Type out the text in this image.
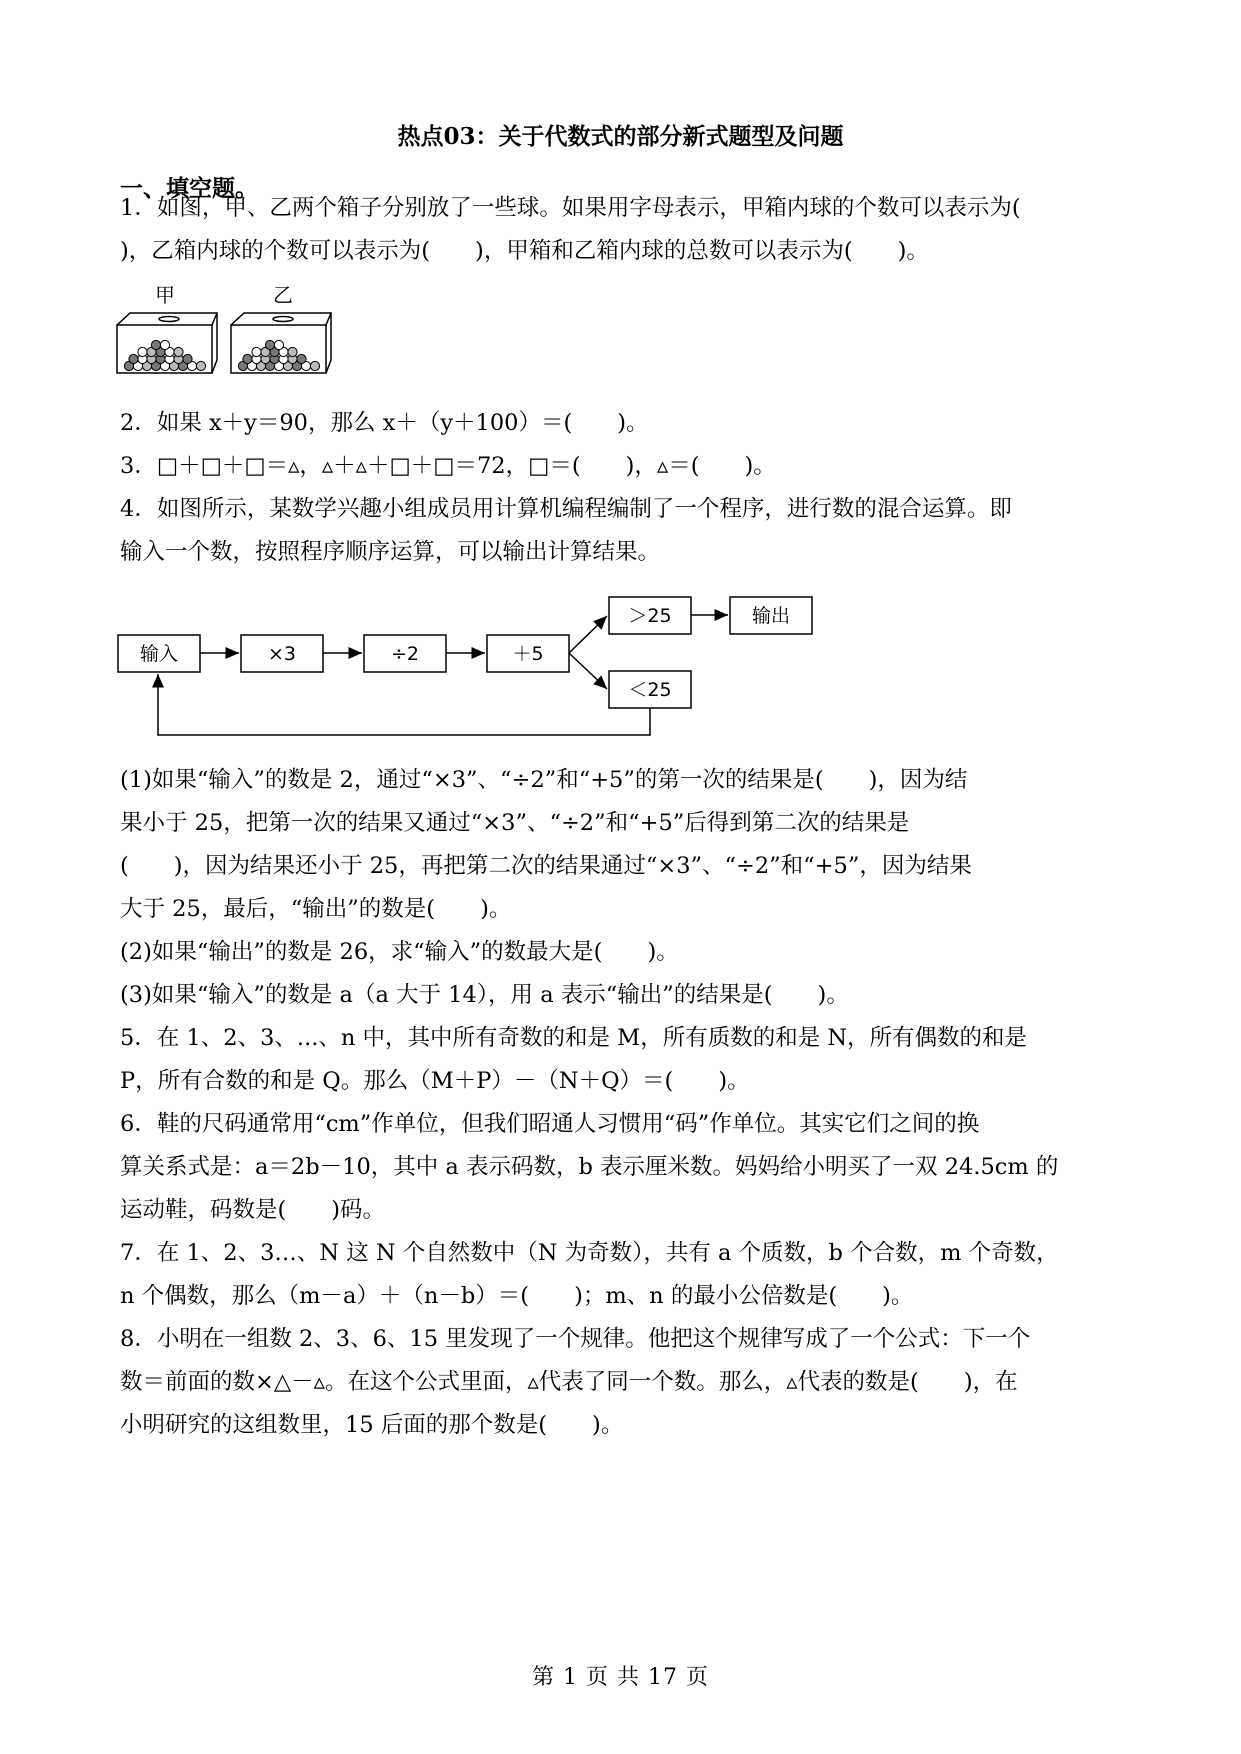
热点03：关于代数式的部分新式题型及问题
一、填空题。
1．如图，甲、乙两个箱子分别放了一些球。如果用字母表示，甲箱内球的个数可以表示为(
)，乙箱内球的个数可以表示为(　　)，甲箱和乙箱内球的总数可以表示为(　　)。
甲	乙
2．如果 x＋y＝90，那么 x＋（y＋100）＝(　　)。
3．□＋□＋□＝▵，▵＋▵＋□＋□＝72，□＝(　　)，▵＝(　　)。
4．如图所示，某数学兴趣小组成员用计算机编程编制了一个程序，进行数的混合运算。即
输入一个数，按照程序顺序运算，可以输出计算结果。
输入	×3	÷2	＋5
＞25	输出
＜25
(1)如果“输入”的数是 2，通过“×3”、“÷2”和“+5”的第一次的结果是(　　)，因为结
果小于 25，把第一次的结果又通过“×3”、“÷2”和“+5”后得到第二次的结果是
(　　)，因为结果还小于 25，再把第二次的结果通过“×3”、“÷2”和“+5”，因为结果
大于 25，最后，“输出”的数是(　　)。
(2)如果“输出”的数是 26，求“输入”的数最大是(　　)。
(3)如果“输入”的数是 a（a 大于 14），用 a 表示“输出”的结果是(　　)。
5．在 1、2、3、...、n 中，其中所有奇数的和是 M，所有质数的和是 N，所有偶数的和是
P，所有合数的和是 Q。那么（M＋P）－（N＋Q）＝(　　)。
6．鞋的尺码通常用“cm”作单位，但我们昭通人习惯用“码”作单位。其实它们之间的换
算关系式是：a＝2b－10，其中 a 表示码数，b 表示厘米数。妈妈给小明买了一双 24.5cm 的
运动鞋，码数是(　　)码。
7．在 1、2、3…、N 这 N 个自然数中（N 为奇数），共有 a 个质数，b 个合数，m 个奇数，
n 个偶数，那么（m－a）＋（n－b）＝(　　)；m、n 的最小公倍数是(　　)。
8．小明在一组数 2、3、6、15 里发现了一个规律。他把这个规律写成了一个公式：下一个
数＝前面的数×△－▵。在这个公式里面，▵代表了同一个数。那么，▵代表的数是(　　)，在
小明研究的这组数里，15 后面的那个数是(　　)。
第 1 页 共 17 页
